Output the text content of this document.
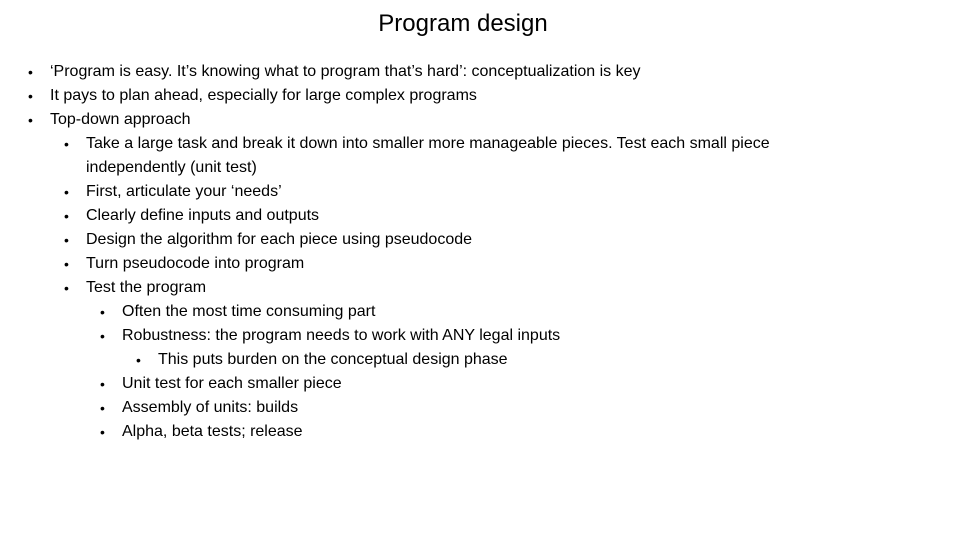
Program design
• ‘Program is easy. It’s knowing what to program that’s hard’: conceptualization is key
• It pays to plan ahead, especially for large complex programs
• Top-down approach
• Take a large task and break it down into smaller more manageable pieces. Test each small piece independently (unit test)
• First, articulate your ‘needs’
• Clearly define inputs and outputs
• Design the algorithm for each piece using pseudocode
• Turn pseudocode into program
• Test the program
• Often the most time consuming part
• Robustness: the program needs to work with ANY legal inputs
• This puts burden on the conceptual design phase
• Unit test for each smaller piece
• Assembly of units: builds
• Alpha, beta tests; release
